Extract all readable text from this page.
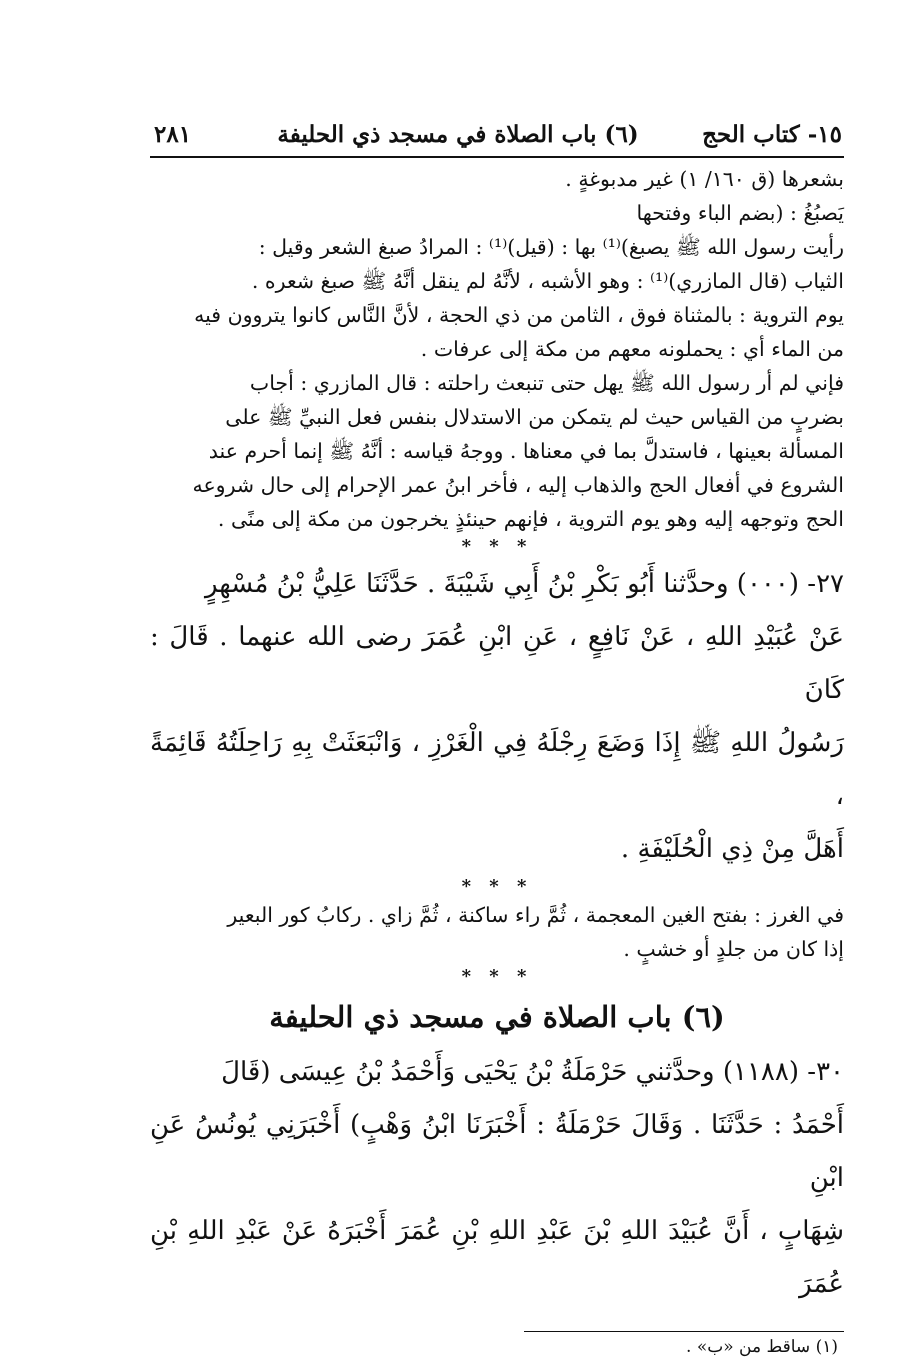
١٥- كتاب الحج
(٦) باب الصلاة في مسجد ذي الحليفة
٢٨١
بشعرها (ق ١٦٠/ ١) غير مدبوغةٍ .
يَصبُغُ : (بضم الباء وفتحها
رأيت رسول الله ﷺ يصبغ)⁽¹⁾ بها : (قيل)⁽¹⁾ : المرادُ صبغ الشعر وقيل :
الثياب (قال المازري)⁽¹⁾ : وهو الأشبه ، لأنَّهُ لم ينقل أنَّهُ ﷺ صبغ شعره .
يوم التروية : بالمثناة فوق ، الثامن من ذي الحجة ، لأنَّ النَّاس كانوا يتروون فيه
من الماء أي : يحملونه معهم من مكة إلى عرفات .
فإني لم أر رسول الله ﷺ يهل حتى تنبعث راحلته : قال المازري : أجاب
بضربٍ من القياس حيث لم يتمكن من الاستدلال بنفس فعل النبيِّ ﷺ على
المسألة بعينها ، فاستدلَّ بما في معناها . ووجهُ قياسه : أنَّهُ ﷺ إنما أحرم عند
الشروع في أفعال الحج والذهاب إليه ، فأخر ابنُ عمر الإحرام إلى حال شروعه
الحج وتوجهه إليه وهو يوم التروية ، فإنهم حينئذٍ يخرجون من مكة إلى منًى .
* * *
٢٧- (٠٠٠) وحدَّثنا أَبُو بَكْرِ بْنُ أَبِي شَيْبَةَ . حَدَّثَنَا عَلِيُّ بْنُ مُسْهِرٍ
عَنْ عُبَيْدِ اللهِ ، عَنْ نَافِعٍ ، عَنِ ابْنِ عُمَرَ رضى الله عنهما . قَالَ : كَانَ
رَسُولُ اللهِ ﷺ إِذَا وَضَعَ رِجْلَهُ فِي الْغَرْزِ ، وَانْبَعَثَتْ بِهِ رَاحِلَتُهُ قَائِمَةً ،
أَهَلَّ مِنْ ذِي الْحُلَيْفَةِ .
* * *
في الغرز : بفتح الغين المعجمة ، ثُمَّ راء ساكنة ، ثُمَّ زاي . ركابُ كور البعير
إذا كان من جلدٍ أو خشبٍ .
* * *
(٦) باب الصلاة في مسجد ذي الحليفة
٣٠- (١١٨٨) وحدَّثني حَرْمَلَةُ بْنُ يَحْيَى وَأَحْمَدُ بْنُ عِيسَى (قَالَ
أَحْمَدُ : حَدَّثَنَا . وَقَالَ حَرْمَلَةُ : أَخْبَرَنَا ابْنُ وَهْبٍ) أَخْبَرَنِي يُونُسُ عَنِ ابْنِ
شِهَابٍ ، أَنَّ عُبَيْدَ اللهِ بْنَ عَبْدِ اللهِ بْنِ عُمَرَ أَخْبَرَهُ عَنْ عَبْدِ اللهِ بْنِ عُمَرَ
(١) ساقط من «ب» .
